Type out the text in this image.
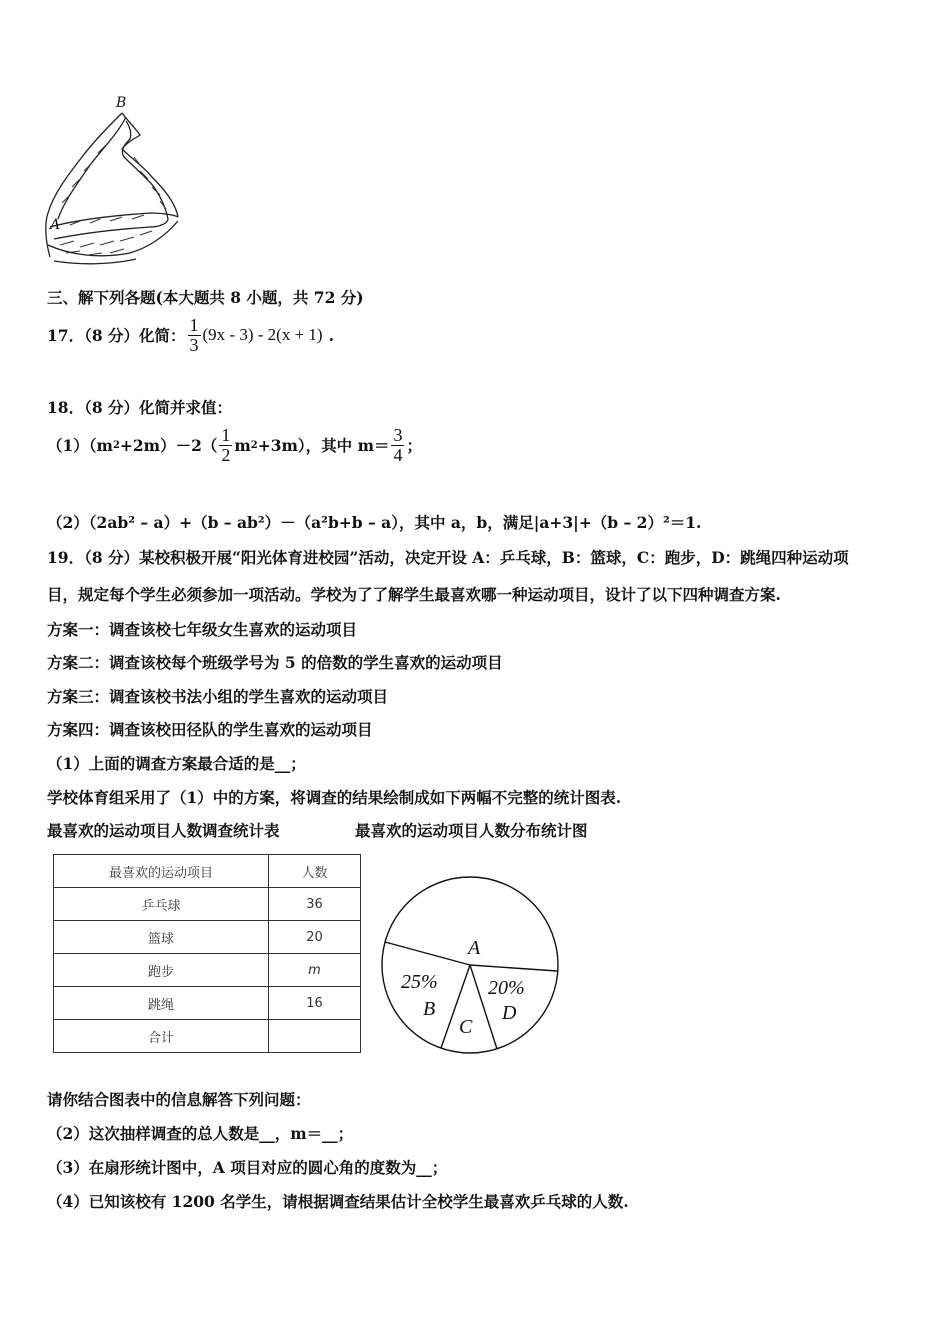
B
A
三、解下列各题(本大题共 8 小题，共 72 分)
17．（8 分）化简： $\frac{1}{3} (9x - 3) - 2(x + 1)$ .
18．（8 分）化简并求值：
（1）（m $2 +2m)-2( \frac{1}{2}$ m 2 +3m），其中 $m= \frac{3}{4}$ ；
（2）（2ab² – a）+（b – ab²）－（a²b+b – a），其中 a，b，满足|a+3|+（b – 2）²＝1.
19．（8 分）某校积极开展“阳光体育进校园”活动，决定开设 A：乒乓球，B：篮球，C：跑步，D：跳绳四种运动项
目，规定每个学生必须参加一项活动。学校为了了解学生最喜欢哪一种运动项目，设计了以下四种调查方案.
方案一：调查该校七年级女生喜欢的运动项目
方案二：调查该校每个班级学号为 5 的倍数的学生喜欢的运动项目
方案三：调查该校书法小组的学生喜欢的运动项目
方案四：调查该校田径队的学生喜欢的运动项目
（1）上面的调查方案最合适的是__；
学校体育组采用了（1）中的方案，将调查的结果绘制成如下两幅不完整的统计图表.
最喜欢的运动项目人数调查统计表	最喜欢的运动项目人数分布统计图
最喜欢的运动项目	人数
乒乓球	36
篮球	20
跑步	m
跳绳	16
合计	
A
25%
B
C
20%
D
请你结合图表中的信息解答下列问题：
（2）这次抽样调查的总人数是__，m＝__；
（3）在扇形统计图中，A 项目对应的圆心角的度数为__；
（4）已知该校有 1200 名学生，请根据调查结果估计全校学生最喜欢乒乓球的人数.
